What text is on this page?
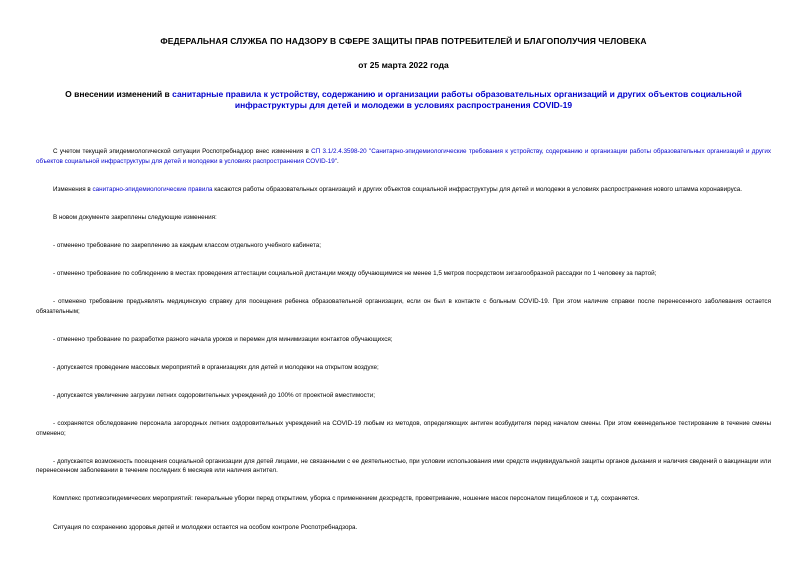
ФЕДЕРАЛЬНАЯ СЛУЖБА ПО НАДЗОРУ В СФЕРЕ ЗАЩИТЫ ПРАВ ПОТРЕБИТЕЛЕЙ И БЛАГОПОЛУЧИЯ ЧЕЛОВЕКА

от 25 марта 2022 года

О внесении изменений в санитарные правила к устройству, содержанию и организации работы образовательных организаций и других объектов социальной инфраструктуры для детей и молодежи в условиях распространения COVID-19

С учетом текущей эпидемиологической ситуации Роспотребнадзор внес изменения в СП 3.1/2.4.3598-20 "Санитарно-эпидемиологические требования к устройству, содержанию и организации работы образовательных организаций и других объектов социальной инфраструктуры для детей и молодежи в условиях распространения COVID-19".

Изменения в санитарно-эпидемиологические правила касаются работы образовательных организаций и других объектов социальной инфраструктуры для детей и молодежи в условиях распространения нового штамма коронавируса.

В новом документе закреплены следующие изменения:

- отменено требование по закреплению за каждым классом отдельного учебного кабинета;

- отменено требование по соблюдению в местах проведения аттестации социальной дистанции между обучающимися не менее 1,5 метров посредством зигзагообразной рассадки по 1 человеку за партой;

- отменено требование предъявлять медицинскую справку для посещения ребенка образовательной организации, если он был в контакте с больным COVID-19. При этом наличие справки после перенесенного заболевания остается обязательным;

- отменено требование по разработке разного начала уроков и перемен для минимизации контактов обучающихся;

- допускается проведение массовых мероприятий в организациях для детей и молодежи на открытом воздухе;

- допускается увеличение загрузки летних оздоровительных учреждений до 100% от проектной вместимости;

- сохраняется обследование персонала загородных летних оздоровительных учреждений на COVID-19 любым из методов, определяющих антиген возбудителя перед началом смены. При этом еженедельное тестирование в течение смены отменено;

- допускается возможность посещения социальной организации для детей лицами, не связанными с ее деятельностью, при условии использования ими средств индивидуальной защиты органов дыхания и наличия сведений о вакцинации или перенесенном заболевании в течение последних 6 месяцев или наличия антител.

Комплекс противоэпидемических мероприятий: генеральные уборки перед открытием, уборка с применением дезсредств, проветривание, ношение масок персоналом пищеблоков и т.д. сохраняется.

Ситуация по сохранению здоровья детей и молодежи остается на особом контроле Роспотребнадзора.
